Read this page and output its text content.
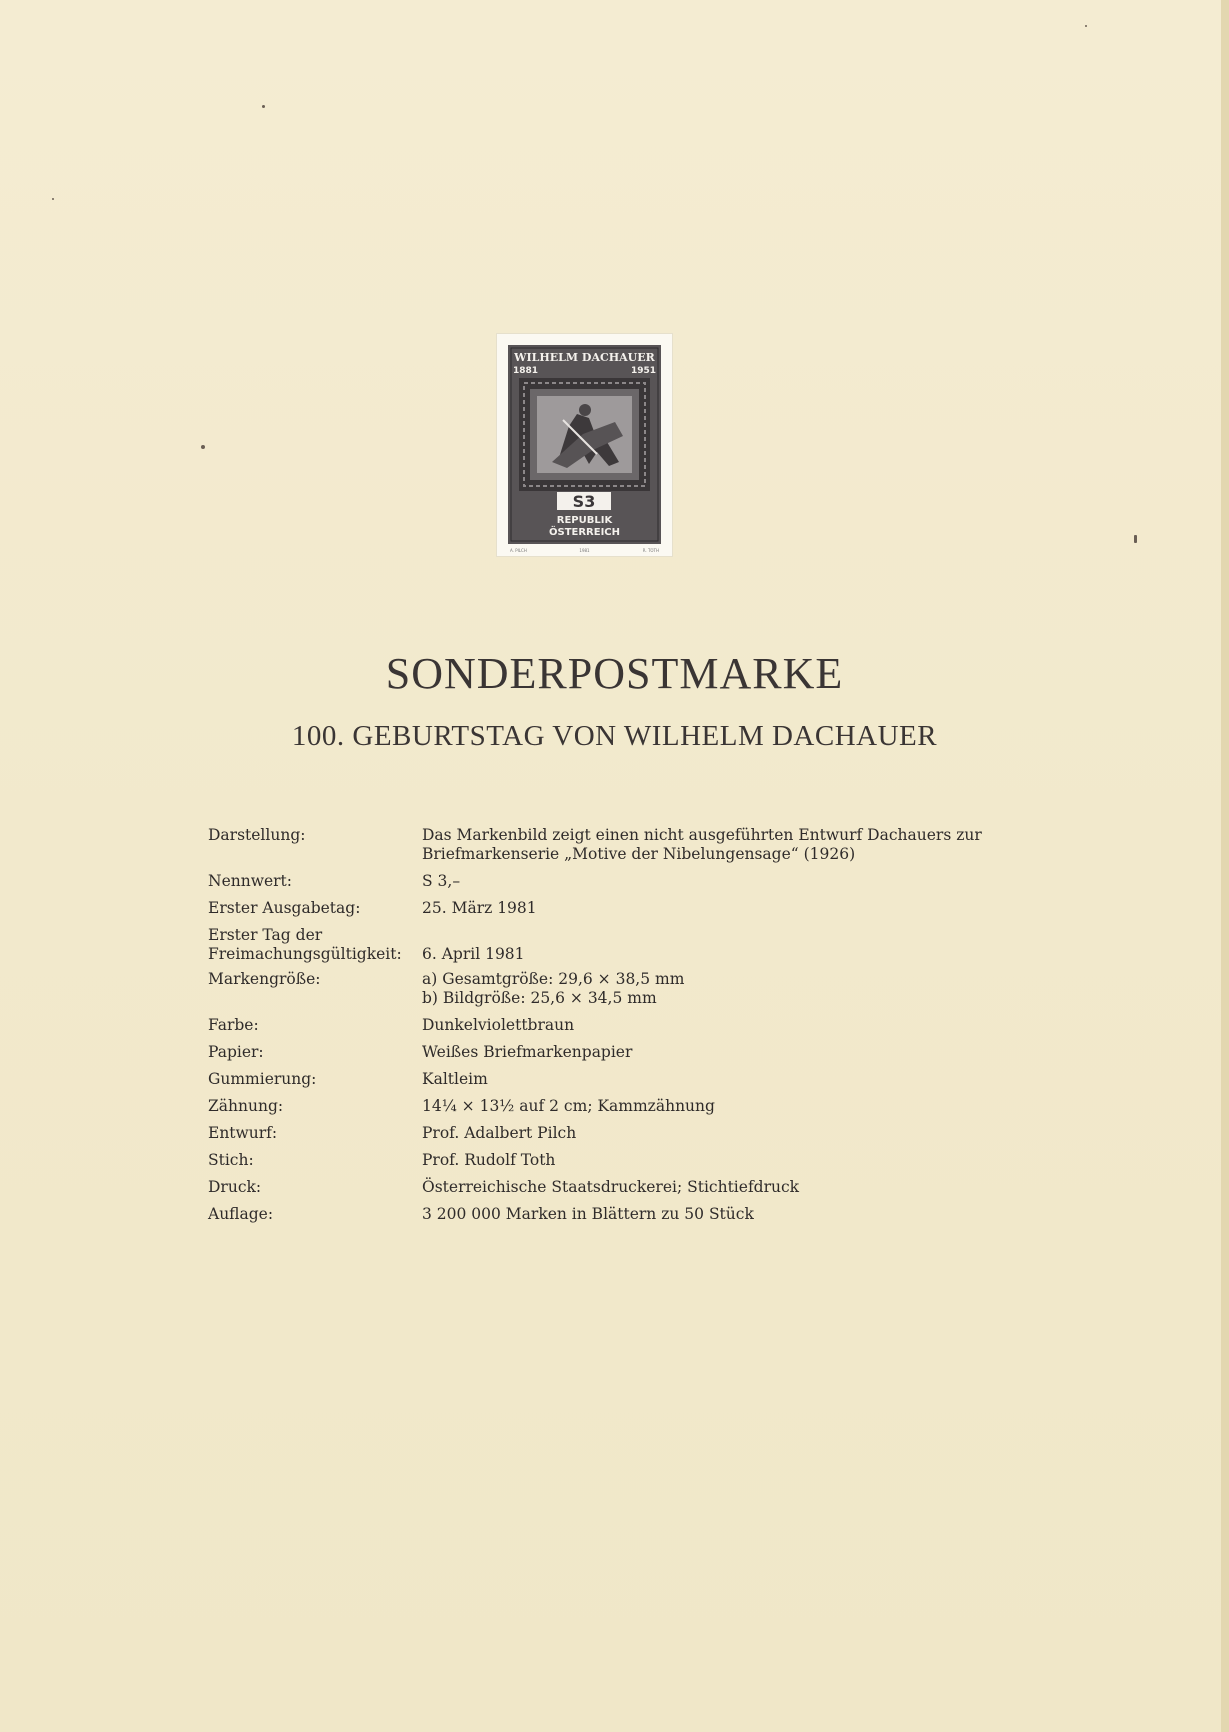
WILHELM DACHAUER
1881	1951
S3
REPUBLIK
ÖSTERREICH
A. PILCH	1981	R. TOTH
SONDERPOSTMARKE
100. GEBURTSTAG VON WILHELM DACHAUER
Darstellung:	Das Markenbild zeigt einen nicht ausgeführten Entwurf Dachauers zur
Briefmarkenserie „Motive der Nibelungensage“ (1926)
Nennwert:	S 3,–
Erster Ausgabetag:	25. März 1981
Erster Tag der
Freimachungsgültigkeit:	6. April 1981
Markengröße:	a) Gesamtgröße: 29,6 × 38,5 mm
b) Bildgröße: 25,6 × 34,5 mm
Farbe:	Dunkelviolettbraun
Papier:	Weißes Briefmarkenpapier
Gummierung:	Kaltleim
Zähnung:	14¼ × 13½ auf 2 cm; Kammzähnung
Entwurf:	Prof. Adalbert Pilch
Stich:	Prof. Rudolf Toth
Druck:	Österreichische Staatsdruckerei; Stichtiefdruck
Auflage:	3 200 000 Marken in Blättern zu 50 Stück
